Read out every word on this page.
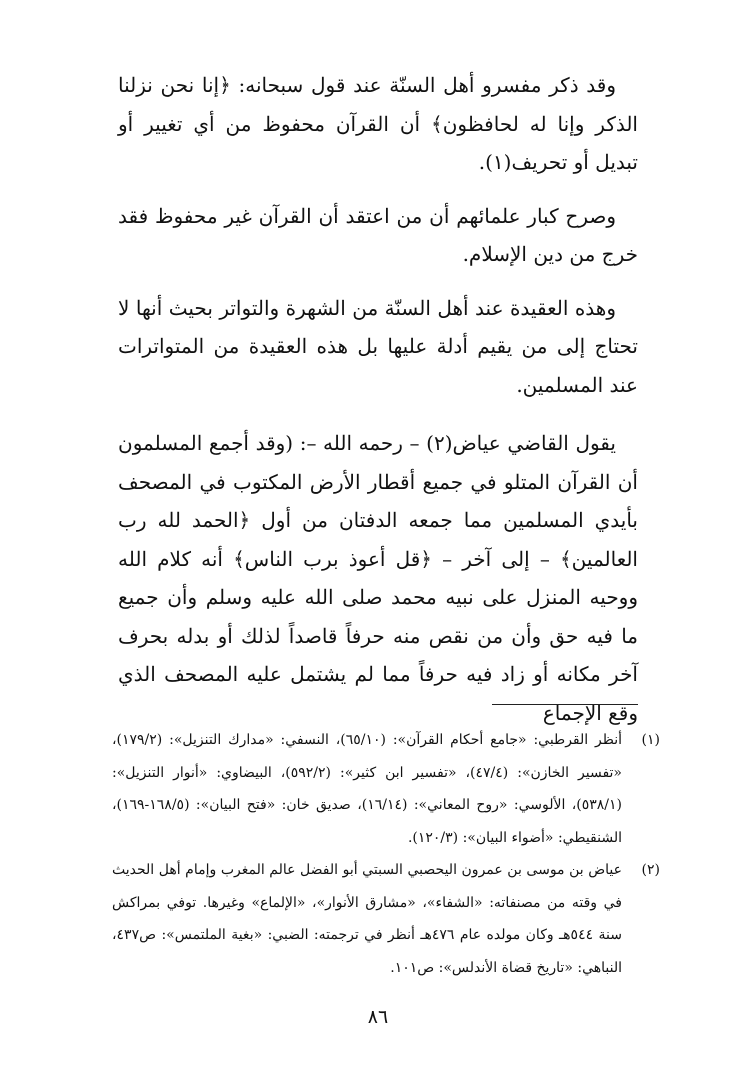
وقد ذكر مفسرو أهل السنّة عند قول سبحانه: ﴿إنا نحن نزلنا الذكر وإنا له لحافظون﴾ أن القرآن محفوظ من أي تغيير أو تبديل أو تحريف(١).

وصرح كبار علمائهم أن من اعتقد أن القرآن غير محفوظ فقد خرج من دين الإسلام.

وهذه العقيدة عند أهل السنّة من الشهرة والتواتر بحيث أنها لا تحتاج إلى من يقيم أدلة عليها بل هذه العقيدة من المتواترات عند المسلمين.

يقول القاضي عياض(٢) – رحمه الله –: (وقد أجمع المسلمون أن القرآن المتلو في جميع أقطار الأرض المكتوب في المصحف بأيدي المسلمين مما جمعه الدفتان من أول ﴿الحمد لله رب العالمين﴾ – إلى آخر – ﴿قل أعوذ برب الناس﴾ أنه كلام الله ووحيه المنزل على نبيه محمد صلى الله عليه وسلم وأن جميع ما فيه حق وأن من نقص منه حرفاً قاصداً لذلك أو بدله بحرف آخر مكانه أو زاد فيه حرفاً مما لم يشتمل عليه المصحف الذي وقع الإجماع

(١)
أنظر القرطبي: «جامع أحكام القرآن»: (٦٥/١٠)، النسفي: «مدارك التنزيل»: (١٧٩/٢)، «تفسير الخازن»: (٤٧/٤)، «تفسير ابن كثير»: (٥٩٢/٢)، البيضاوي: «أنوار التنزيل»: (٥٣٨/١)، الألوسي: «روح المعاني»: (١٦/١٤)، صديق خان: «فتح البيان»: (١٦٨/٥-١٦٩)، الشنقيطي: «أضواء البيان»: (١٢٠/٣).
(٢)
عياض بن موسى بن عمرون اليحصبي السبتي أبو الفضل عالم المغرب وإمام أهل الحديث في وقته من مصنفاته: «الشفاء»، «مشارق الأنوار»، «الإلماع» وغيرها. توفي بمراكش سنة ٥٤٤هـ وكان مولده عام ٤٧٦هـ أنظر في ترجمته: الضبي: «بغية الملتمس»: ص٤٣٧، النباهي: «تاريخ قضاة الأندلس»: ص١٠١.
٨٦
